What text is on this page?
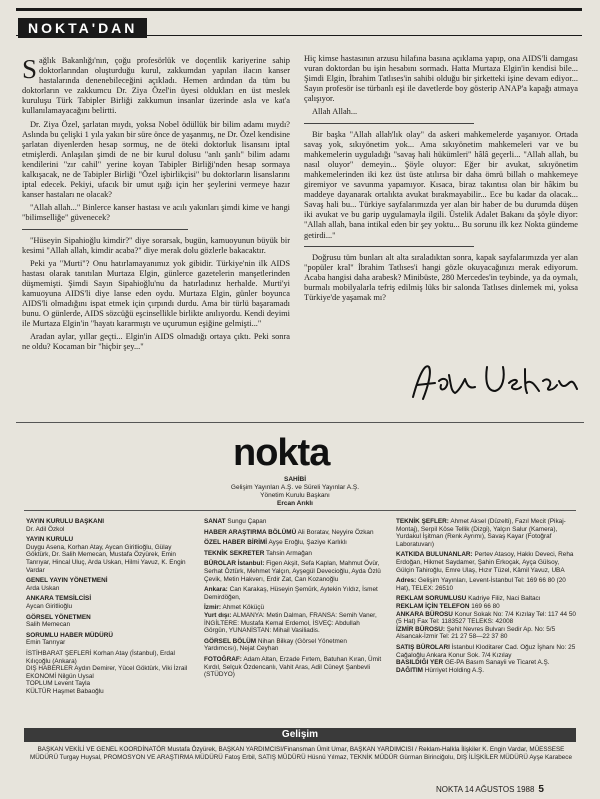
NOKTA'DAN

Sağlık Bakanlığı'nın, çoğu profesörlük ve doçentlik kariyerine sahip doktorlarından oluşturduğu kurul, zakkumdan yapılan ilacın kanser hastalarında denenebileceğini açıkladı. Hemen ardından da tüm bu doktorların ve zakkumcu Dr. Ziya Özel'in üyesi oldukları en üst meslek kuruluşu Türk Tabipler Birliği zakkumun insanlar üzerinde asla ve kat'a kullanılamayacağını belirtti.

Dr. Ziya Özel, şarlatan mıydı, yoksa Nobel ödüllük bir bilim adamı mıydı? Aslında bu çelişki 1 yıla yakın bir süre önce de yaşanmış, ne Dr. Özel kendisine şarlatan diyenlerden hesap sormuş, ne de öteki doktorluk lisansını iptal etmişlerdi. Anlaşılan şimdi de ne bir kurul dolusu "anlı şanlı" bilim adamı kendilerini "zır cahil" yerine koyan Tabipler Birliği'nden hesap sormaya kalkışacak, ne de Tabipler Birliği "Özel işbirlikçisi" bu doktorların lisanslarını iptal edecek. Pekiyi, ufacık bir umut ışığı için her şeylerini vermeye hazır kanser hastaları ne olacak?

"Allah allah..." Binlerce kanser hastası ve acılı yakınları şimdi kime ve hangi "bilimselliğe" güvenecek?

"Hüseyin Sipahioğlu kimdir?" diye sorarsak, bugün, kamuoyunun büyük bir kesimi "Allah allah, kimdir acaba?" diye merak dolu gözlerle bakacaktır.

Peki ya "Murti"? Onu hatırlamayanımız yok gibidir. Türkiye'nin ilk AIDS hastası olarak tanıtılan Murtaza Elgin, günlerce gazetelerin manşetlerinden düşmemişti. Şimdi Sayın Sipahioğlu'nu da hatırladınız herhalde. Murti'yi kamuoyuna AIDS'li diye lanse eden oydu. Murtaza Elgin, günler boyunca AIDS'li olmadığını ispat etmek için çırpındı durdu. Ama bir türlü başaramadı bunu. O günlerde, AIDS sözcüğü eşcinsellikle birlikte anılıyordu. Kendi deyimi ile Murtaza Elgin'in "hayatı kararmıştı ve uçurumun eşiğine gelmişti..."

Aradan aylar, yıllar geçti... Elgin'in AIDS olmadığı ortaya çıktı. Peki sonra ne oldu? Kocaman bir "hiçbir şey..."

Hiç kimse hastasının arzusu hilafına basına açıklama yapıp, ona AIDS'li damgası vuran doktordan bu işin hesabını sormadı. Hatta Murtaza Elgin'in kendisi bile... Şimdi Elgin, İbrahim Tatlıses'in sahibi olduğu bir şirketteki işine devam ediyor... Sayın profesör ise türbanlı eşi ile davetlerde boy gösterip ANAP'a kapağı atmaya çalışıyor.

Allah Allah...

Bir başka "Allah allah'lık olay" da askeri mahkemelerde yaşanıyor. Ortada savaş yok, sıkıyönetim yok... Ama sıkıyönetim mahkemeleri var ve bu mahkemelerin uyguladığı "savaş hali hükümleri" hâlâ geçerli... "Allah allah, bu nasıl oluyor" demeyin... Şöyle oluyor: Eğer bir avukat, sıkıyönetim mahkemelerinden iki kez üst üste atılırsa bir daha ömrü billah o mahkemeye giremiyor ve savunma yapamıyor. Kısaca, biraz takıntısı olan bir hâkim bu maddeye dayanarak ortalıkta avukat bırakmayabilir... Ece bu kadar da olacak... Savaş hali bu... Türkiye sayfalarımızda yer alan bir haber de bu durumda düşen iki avukat ve bu garip uygulamayla ilgili. Üstelik Adalet Bakanı da şöyle diyor: "Allah allah, bana intikal eden bir şey yoktu... Bu sorunu ilk kez Nokta gündeme getirdi..."

Doğrusu tüm bunları alt alta sıraladıktan sonra, kapak sayfalarımızda yer alan "popüler kral" İbrahim Tatlıses'i hangi gözle okuyacağınızı merak ediyorum. Acaba hangisi daha arabesk? Minibüste, 280 Mercedes'in teybinde, ya da oymalı, burmalı mobilyalarla tefriş edilmiş lüks bir salonda Tatlıses dinlemek mi, yoksa Türkiye'de yaşamak mı?

nokta
SAHİBİ
Gelişim Yayınları A.Ş. ve Süreli Yayınlar A.Ş.
Yönetim Kurulu Başkanı
Ercan Arıklı
YAYIN KURULU BAŞKANI
Dr. Adil Özkol
YAYIN KURULU
Duygu Asena, Korhan Atay, Aycan Giritlioğlu, Gülay Göktürk, Dr. Salih Memecan, Mustafa Özyürek, Emin Tanrıyar, Hincal Uluç, Arda Uskan, Hilmi Yavuz, K. Engin Vardar
GENEL YAYIN YÖNETMENİ
Arda Uskan
ANKARA TEMSİLCİSİ
Aycan Giritlioğlu
GÖRSEL YÖNETMEN
Salih Memecan
SORUMLU HABER MÜDÜRÜ
Emin Tanrıyar
İSTİHBARAT ŞEFLERİ Korhan Atay (İstanbul), Erdal Kılıçoğlu (Ankara)
DIŞ HABERLER Aydın Demirer, Yücel Göktürk, Viki İzrail
EKONOMİ Nilgün Uysal
TOPLUM Levent Tayla
KÜLTÜR Haşmet Babaoğlu
SANAT Sungu Çapan
HABER ARAŞTIRMA BÖLÜMÜ Ali Boratav, Neyyire Özkan
ÖZEL HABER BİRİMİ Ayşe Eroğlu, Şaziye Karlıklı
TEKNİK SEKRETER Tahsin Armağan
BÜROLAR İstanbul: Figen Akşit, Sefa Kaplan, Mahmut Övür, Serhat Öztürk, Mehmet Yalçın, Ayşegül Devecioğlu, Ayda Özlü Çevik, Metin Hakverı, Erdir Zat, Can Kozanoğlu
Ankara: Can Karakaş, Hüseyin Şemürk, Aytekin Yıldız, İsmet Demirdöğen,
İzmir: Ahmet Köküçü
Yurt dışı: ALMANYA: Metin Dalman, FRANSA: Semih Vaner, İNGİLTERE: Mustafa Kemal Erdemol, İSVEÇ: Abdullah Görgün, YUNANİSTAN: Mihail Vasiliadis.
GÖRSEL BÖLÜM Nihan Bilkay (Görsel Yönetmen Yardımcısı), Nejat Ceyhan
FOTOĞRAF: Adam Altan, Erzade Fırtem, Batuhan Kıran, Ümit Kırdıl, Selçuk Özdencanlı, Vahit Aras, Adil Cüneyt Şanbevli (STÜDYO)
TEKNİK ŞEFLER: Ahmet Aksel (Düzelti), Fazıl Mecit (Pikaj-Montaj), Serpil Köse Tellik (Dizgi), Yalçın Salur (Kamera), Yurdakul İşitman (Renk Ayrımı), Savaş Kayar (Fotoğraf Laboratuvarı)
KATKIDA BULUNANLAR: Pertev Atasoy, Hakkı Deveci, Reha Erdoğan, Hikmet Saydamer, Şahin Erkoçak, Ayça Gülsoy, Gülçin Tahiroğlu, Emre Ulaş, Hızır Tüzel, Kâmil Yavuz, UBA
Adres: Gelişim Yayınları, Levent-İstanbul Tel: 169 66 80 (20 Hat), TELEX: 26510
REKLAM SORUMLUSU Kadriye Filiz, Naci Baltacı
REKLAM İÇİN TELEFON 169 66 80
ANKARA BÜROSU Konur Sokak No: 7/4 Kızılay Tel: 117 44 50 (5 Hat) Fax Tel: 1183527 TELEKS: 42008
İZMİR BÜROSU: Şehit Nevres Bulvarı Sedir Ap. No: 5/5 Alsancak-İzmir Tel: 21 27 58—22 37 80
SATIŞ BÜROLARI İstanbul Kloditarer Cad. Oğuz İşhanı No: 25 Cağaloğlu Ankara Konur Sok. 7/4 Kızılay
BASILDIĞI YER GE-PA Basım Sanayii ve Ticaret A.Ş.
DAĞITIM Hürriyet Holding A.Ş.
Gelişim
BAŞKAN VEKİLİ VE GENEL KOORDİNATÖR Mustafa Özyürek, BAŞKAN YARDIMCISI/Finansman Ümit Umar, BAŞKAN YARDIMCISI / Reklam-Halkla İlişkiler K. Engin Vardar, MÜESSESE MÜDÜRÜ Turgay Huysal, PROMOSYON VE ARAŞTIRMA MÜDÜRÜ Fatoş Erbil, SATIŞ MÜDÜRÜ Hüsnü Yılmaz, TEKNİK MÜDÜR Gürman Birinciğolu, DIŞ İLİŞKİLER MÜDÜRÜ Ayşe Karabece
NOKTA 14 AĞUSTOS 1988 5
